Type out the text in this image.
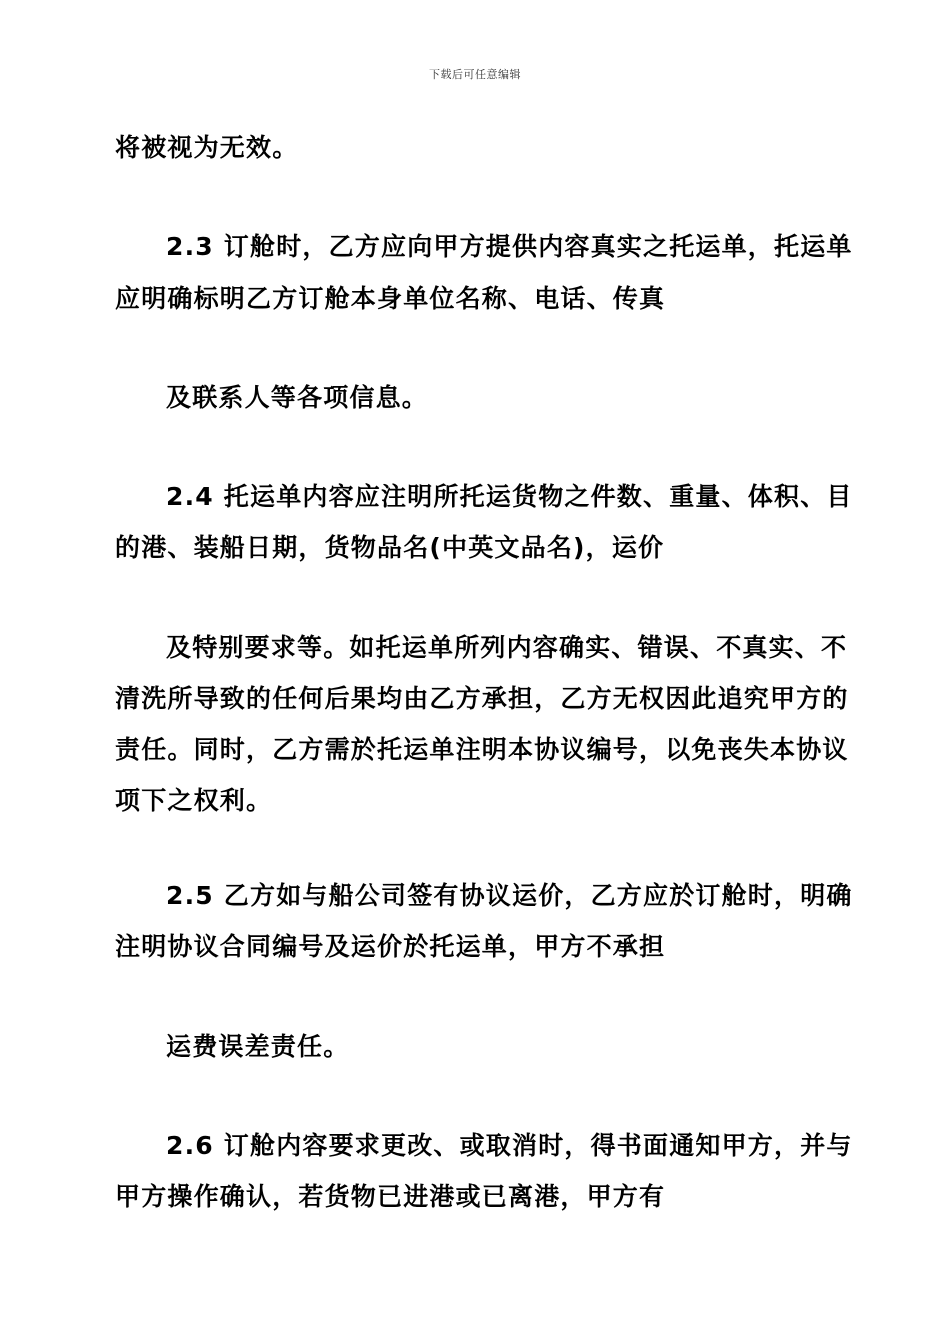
下载后可任意编辑
将被视为无效。
2.3 订舱时，乙方应向甲方提供内容真实之托运单，托运单
应明确标明乙方订舱本身单位名称、电话、传真
及联系人等各项信息。
2.4 托运单内容应注明所托运货物之件数、重量、体积、目
的港、装船日期，货物品名(中英文品名)，运价
及特别要求等。如托运单所列内容确实、错误、不真实、不
清洗所导致的任何后果均由乙方承担，乙方无权因此追究甲方的
责任。同时，乙方需於托运单注明本协议编号，以免丧失本协议
项下之权利。
2.5 乙方如与船公司签有协议运价，乙方应於订舱时，明确
注明协议合同编号及运价於托运单，甲方不承担
运费误差责任。
2.6 订舱内容要求更改、或取消时，得书面通知甲方，并与
甲方操作确认，若货物已进港或已离港，甲方有
